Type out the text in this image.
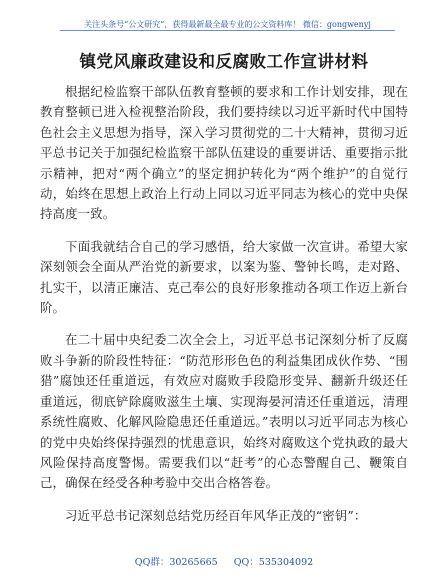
关注头条号“公文研究”，获得最新最全最专业的公文资料库！ 微信：gongwenyj
镇党风廉政建设和反腐败工作宣讲材料

根据纪检监察干部队伍教育整顿的要求和工作计划安排，现在教育整顿已进入检视整治阶段，我们要持续以习近平新时代中国特色社会主义思想为指导，深入学习贯彻党的二十大精神，贯彻习近平总书记关于加强纪检监察干部队伍建设的重要讲话、重要指示批示精神，把对“两个确立”的坚定拥护转化为“两个维护”的自觉行动，始终在思想上政治上行动上同以习近平同志为核心的党中央保持高度一致。

下面我就结合自己的学习感悟，给大家做一次宣讲。希望大家深刻领会全面从严治党的新要求，以案为鉴、警钟长鸣，走对路、扎实干，以清正廉洁、克己奉公的良好形象推动各项工作迈上新台阶。

在二十届中央纪委二次全会上，习近平总书记深刻分析了反腐败斗争新的阶段性特征：“防范形形色色的利益集团成伙作势、“围猎”腐蚀还任重道远，有效应对腐败手段隐形变异、翻新升级还任重道远，彻底铲除腐败滋生土壤、实现海晏河清还任重道远，清理系统性腐败、化解风险隐患还任重道远。”表明以习近平同志为核心的党中央始终保持强烈的忧患意识，始终对腐败这个党执政的最大风险保持高度警惕。需要我们以“赶考”的心态警醒自己、鞭策自己，确保在经受各种考验中交出合格答卷。

习近平总书记深刻总结党历经百年风华正茂的“密钥”：

QQ群：30265665 QQ：535304092
